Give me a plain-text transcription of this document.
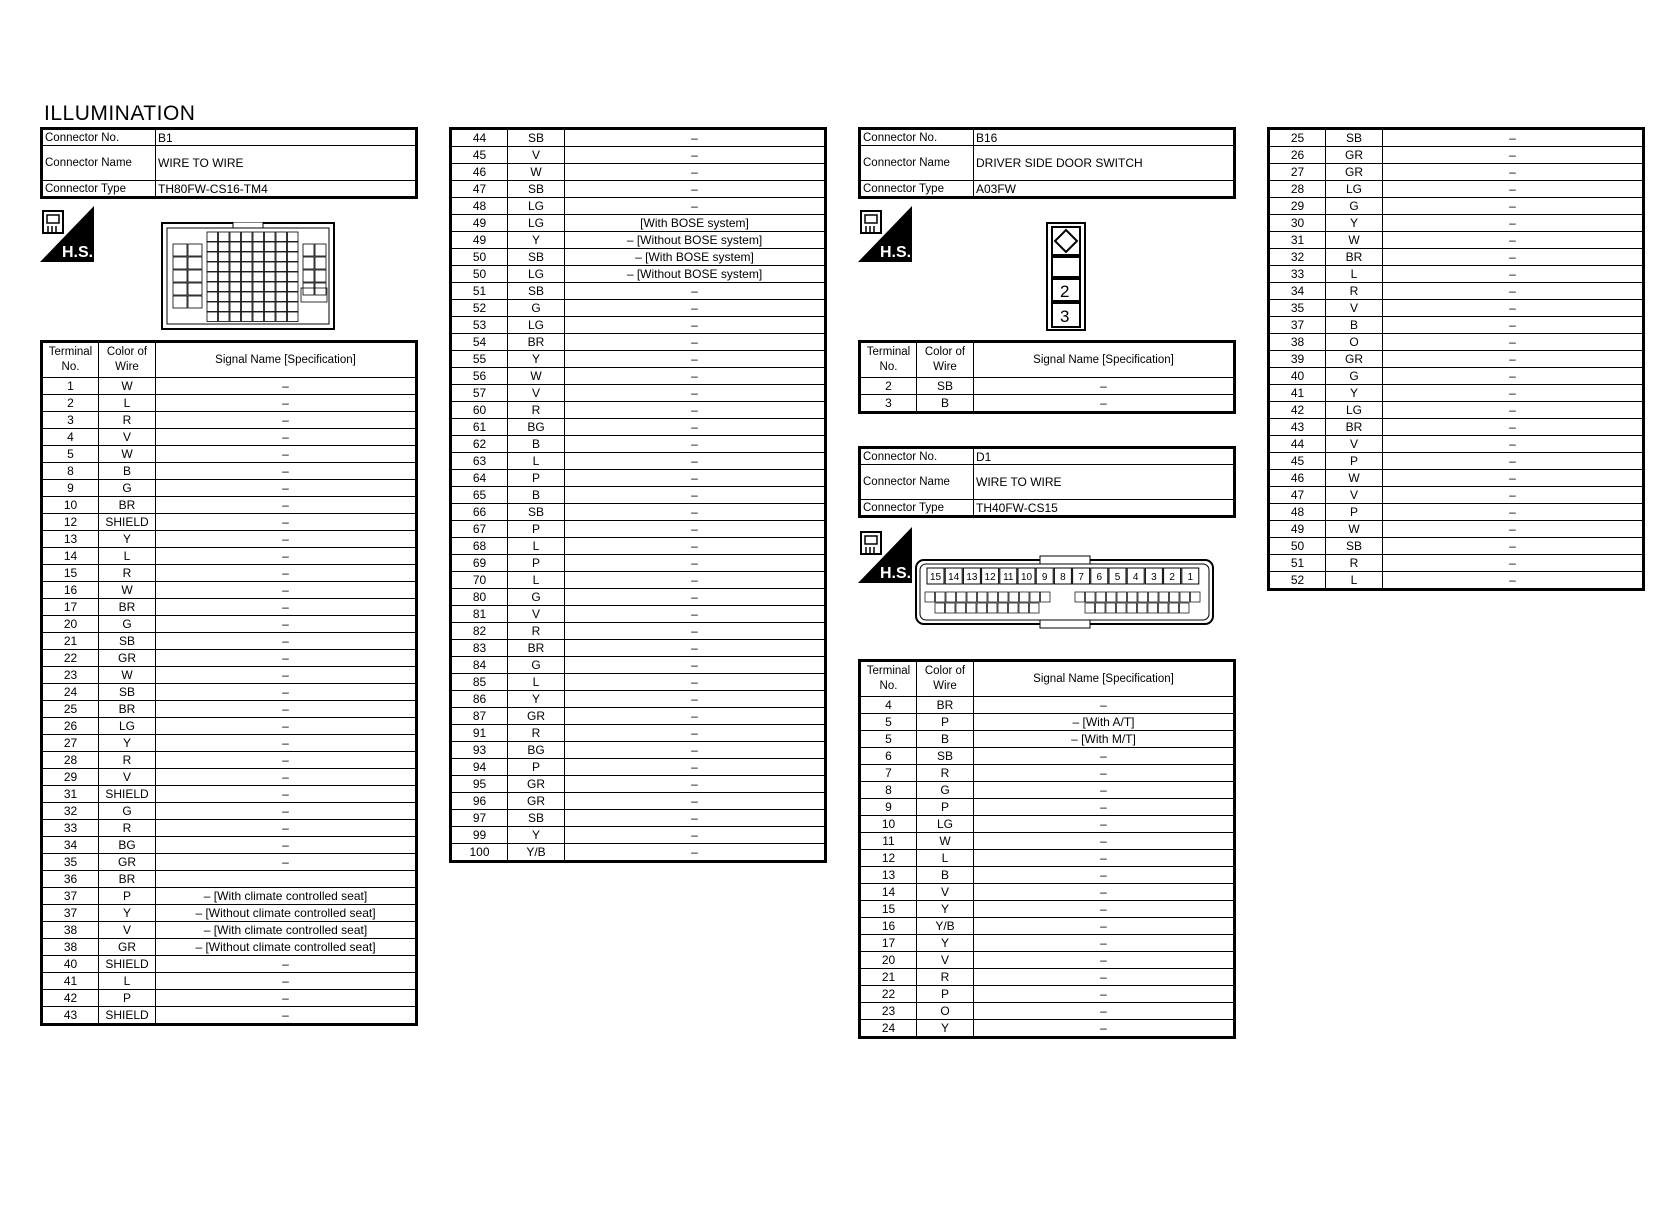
ILLUMINATION
Connector No.	B1
Connector Name	WIRE TO WIRE
Connector Type	TH80FW-CS16-TM4
H.S.
Terminal No.	Color of Wire	Signal Name [Specification]
1	W	–
2	L	–
3	R	–
4	V	–
5	W	–
8	B	–
9	G	–
10	BR	–
12	SHIELD	–
13	Y	–
14	L	–
15	R	–
16	W	–
17	BR	–
20	G	–
21	SB	–
22	GR	–
23	W	–
24	SB	–
25	BR	–
26	LG	–
27	Y	–
28	R	–
29	V	–
31	SHIELD	–
32	G	–
33	R	–
34	BG	–
35	GR	–
36	BR	
37	P	– [With climate controlled seat]
37	Y	– [Without climate controlled seat]
38	V	– [With climate controlled seat]
38	GR	– [Without climate controlled seat]
40	SHIELD	–
41	L	–
42	P	–
43	SHIELD	–
44	SB	–
45	V	–
46	W	–
47	SB	–
48	LG	–
49	LG	[With BOSE system]
49	Y	– [Without BOSE system]
50	SB	– [With BOSE system]
50	LG	– [Without BOSE system]
51	SB	–
52	G	–
53	LG	–
54	BR	–
55	Y	–
56	W	–
57	V	–
60	R	–
61	BG	–
62	B	–
63	L	–
64	P	–
65	B	–
66	SB	–
67	P	–
68	L	–
69	P	–
70	L	–
80	G	–
81	V	–
82	R	–
83	BR	–
84	G	–
85	L	–
86	Y	–
87	GR	–
91	R	–
93	BG	–
94	P	–
95	GR	–
96	GR	–
97	SB	–
99	Y	–
100	Y/B	–
Connector No.	B16
Connector Name	DRIVER SIDE DOOR SWITCH
Connector Type	A03FW
H.S.
2
3
Terminal No.	Color of Wire	Signal Name [Specification]
2	SB	–
3	B	–
Connector No.	D1
Connector Name	WIRE TO WIRE
Connector Type	TH40FW-CS15
H.S. 15 14 13 12 11 10 9 8 7 6 5 4 3 2 1
Terminal No.	Color of Wire	Signal Name [Specification]
4	BR	–
5	P	– [With A/T]
5	B	– [With M/T]
6	SB	–
7	R	–
8	G	–
9	P	–
10	LG	–
11	W	–
12	L	–
13	B	–
14	V	–
15	Y	–
16	Y/B	–
17	Y	–
20	V	–
21	R	–
22	P	–
23	O	–
24	Y	–
25	SB	–
26	GR	–
27	GR	–
28	LG	–
29	G	–
30	Y	–
31	W	–
32	BR	–
33	L	–
34	R	–
35	V	–
37	B	–
38	O	–
39	GR	–
40	G	–
41	Y	–
42	LG	–
43	BR	–
44	V	–
45	P	–
46	W	–
47	V	–
48	P	–
49	W	–
50	SB	–
51	R	–
52	L	–
